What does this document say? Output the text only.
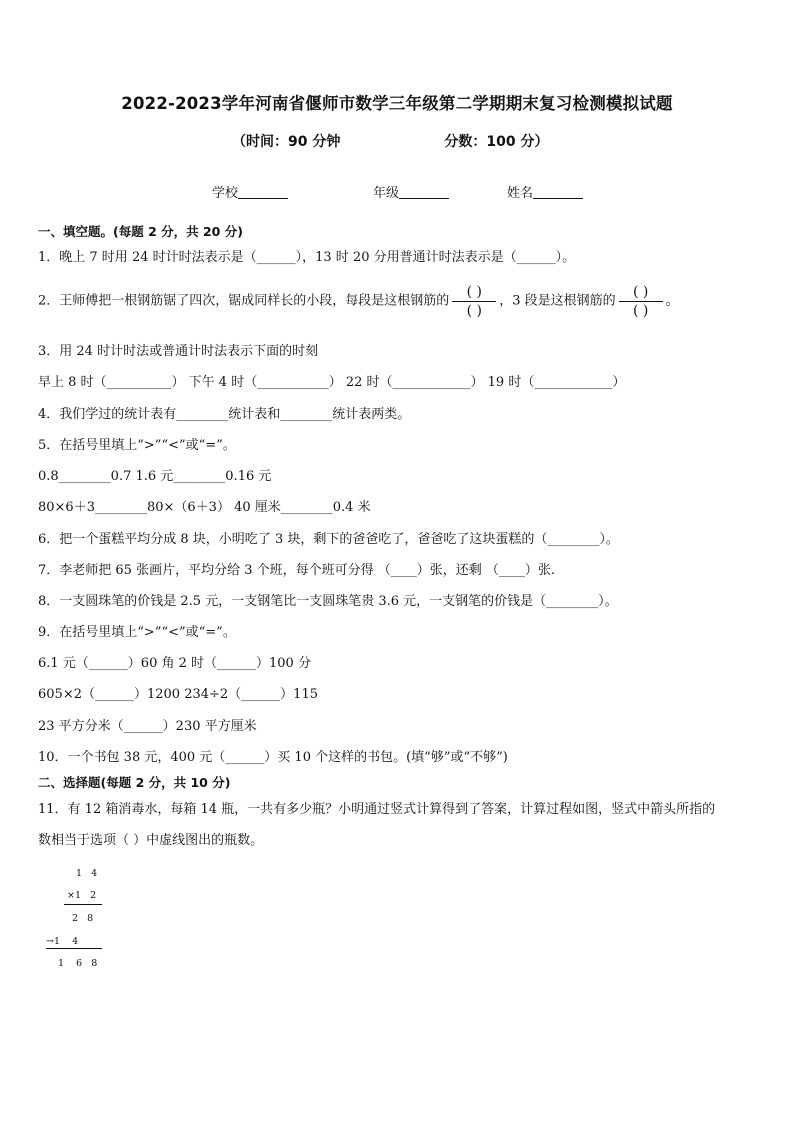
2022-2023学年河南省偃师市数学三年级第二学期期末复习检测模拟试题
（时间：90 分钟	分数：100 分）
学校	年级	姓名
一、填空题。(每题 2 分，共 20 分)
1．晚上 7 时用 24 时计时法表示是（______），13 时 20 分用普通计时法表示是（______）。
2．王师傅把一根钢筋锯了四次，锯成同样长的小段，每段是这根钢筋的 $\frac{( )}{( )}$ ，3 段是这根钢筋的 $\frac{( )}{( )}$ 。
3．用 24 时计时法或普通计时法表示下面的时刻
早上 8 时（__________） 下午 4 时（___________） 22 时（____________） 19 时（____________）
4．我们学过的统计表有________统计表和________统计表两类。
5．在括号里填上“>”“<”或“=”。
0.8________0.7 1.6 元________0.16 元
80×6＋3________80×（6＋3） 40 厘米________0.4 米
6．把一个蛋糕平均分成 8 块，小明吃了 3 块，剩下的爸爸吃了，爸爸吃了这块蛋糕的（________）。
7．李老师把 65 张画片，平均分给 3 个班，每个班可分得 （____）张，还剩 （____）张.
8．一支圆珠笔的价钱是 2.5 元，一支钢笔比一支圆珠笔贵 3.6 元，一支钢笔的价钱是（________）。
9．在括号里填上“>”“<”或“=”。
6.1 元（______）60 角 2 时（______）100 分
605×2（______）1200 234÷2（______）115
23 平方分米（______）230 平方厘米
10．一个书包 38 元，400 元（______）买 10 个这样的书包。(填“够”或“不够”)
二、选择题(每题 2 分，共 10 分)
11．有 12 箱消毒水，每箱 14 瓶，一共有多少瓶？小明通过竖式计算得到了答案，计算过程如图，竖式中箭头所指的
数相当于选项（ ）中虚线图出的瓶数。
1   4
×1   2
2   8
→1    4
1    6   8
